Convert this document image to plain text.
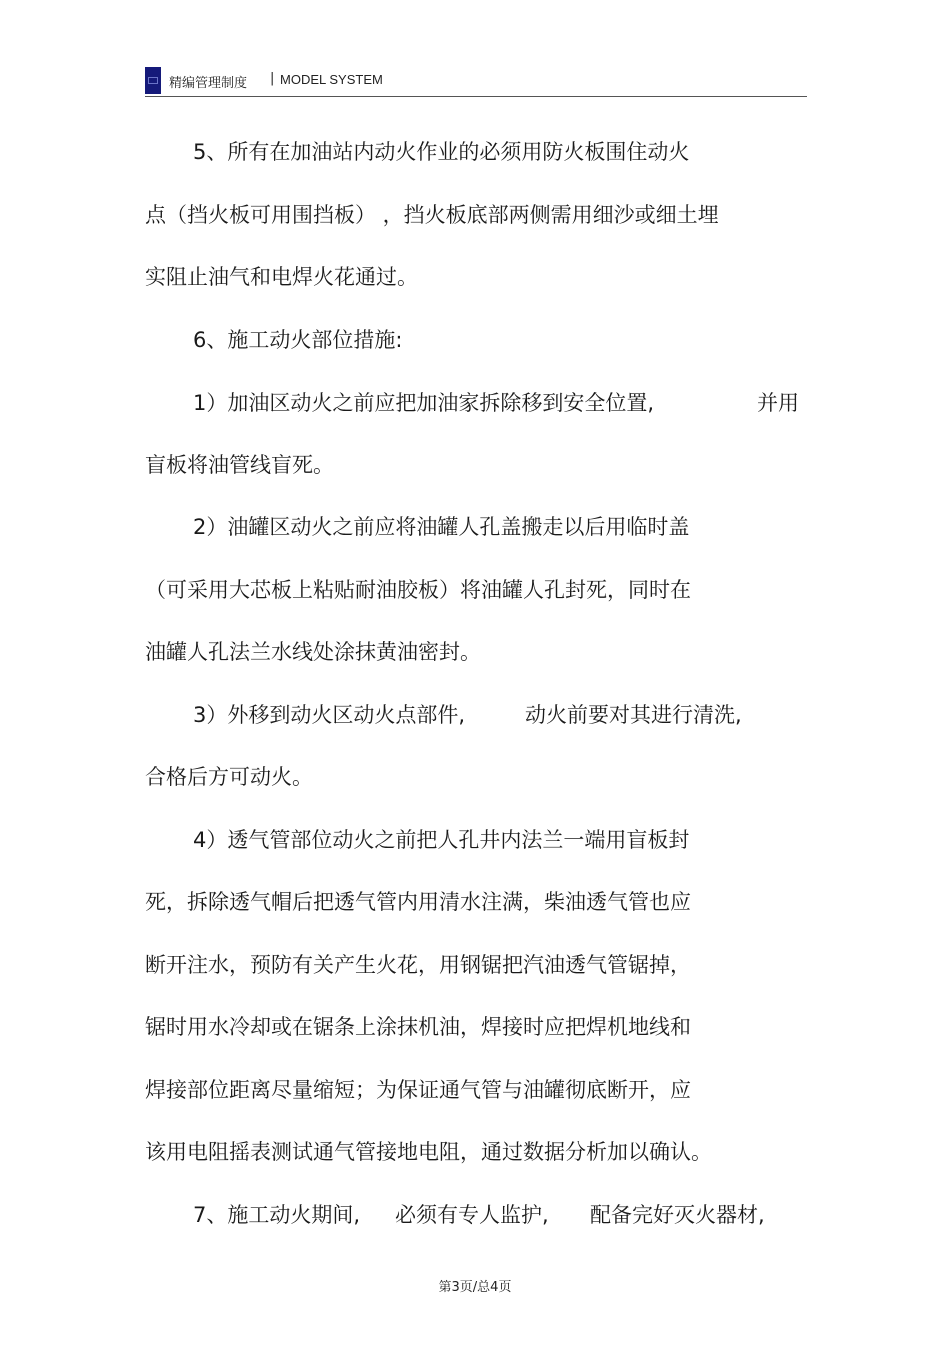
精编管理制度 | MODEL SYSTEM
5、所有在加油站内动火作业的必须用防火板围住动火
点（挡火板可用围挡板） ，挡火板底部两侧需用细沙或细土埋
实阻止油气和电焊火花通过。
6、施工动火部位措施:
1）加油区动火之前应把加油家拆除移到安全位置,	并用
盲板将油管线盲死。
2）油罐区动火之前应将油罐人孔盖搬走以后用临时盖
（可采用大芯板上粘贴耐油胶板）将油罐人孔封死，同时在
油罐人孔法兰水线处涂抹黄油密封。
3）外移到动火区动火点部件,	动火前要对其进行清洗,
合格后方可动火。
4）透气管部位动火之前把人孔井内法兰一端用盲板封
死，拆除透气帽后把透气管内用清水注满，柴油透气管也应
断开注水，预防有关产生火花，用钢锯把汽油透气管锯掉，
锯时用水冷却或在锯条上涂抹机油，焊接时应把焊机地线和
焊接部位距离尽量缩短；为保证通气管与油罐彻底断开，应
该用电阻摇表测试通气管接地电阻，通过数据分析加以确认。
7、施工动火期间, 必须有专人监护, 配备完好灭火器材,
第3页/总4页
